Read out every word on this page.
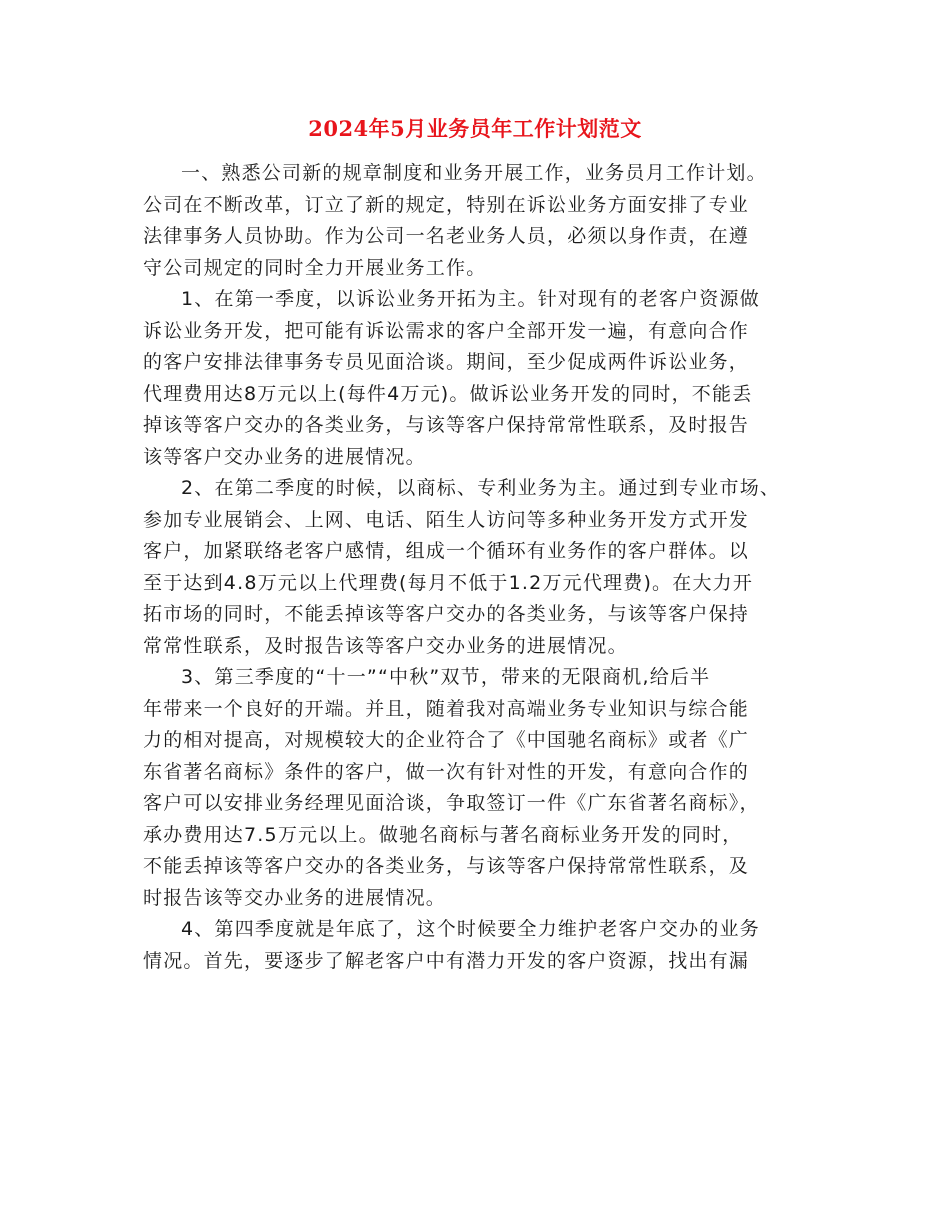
2024年5月业务员年工作计划范文

一、熟悉公司新的规章制度和业务开展工作，业务员月工作计划。
公司在不断改革，订立了新的规定，特别在诉讼业务方面安排了专业
法律事务人员协助。作为公司一名老业务人员，必须以身作责，在遵
守公司规定的同时全力开展业务工作。

1、在第一季度，以诉讼业务开拓为主。针对现有的老客户资源做
诉讼业务开发，把可能有诉讼需求的客户全部开发一遍，有意向合作
的客户安排法律事务专员见面洽谈。期间，至少促成两件诉讼业务，
代理费用达8万元以上(每件4万元)。做诉讼业务开发的同时，不能丢
掉该等客户交办的各类业务，与该等客户保持常常性联系，及时报告
该等客户交办业务的进展情况。

2、在第二季度的时候，以商标、专利业务为主。通过到专业市场、
参加专业展销会、上网、电话、陌生人访问等多种业务开发方式开发
客户，加紧联络老客户感情，组成一个循环有业务作的客户群体。以
至于达到4.8万元以上代理费(每月不低于1.2万元代理费)。在大力开
拓市场的同时，不能丢掉该等客户交办的各类业务，与该等客户保持
常常性联系，及时报告该等客户交办业务的进展情况。

3、第三季度的“十一”“中秋”双节，带来的无限商机,给后半
年带来一个良好的开端。并且，随着我对高端业务专业知识与综合能
力的相对提高，对规模较大的企业符合了《中国驰名商标》或者《广
东省著名商标》条件的客户，做一次有针对性的开发，有意向合作的
客户可以安排业务经理见面洽谈，争取签订一件《广东省著名商标》，
承办费用达7.5万元以上。做驰名商标与著名商标业务开发的同时，
不能丢掉该等客户交办的各类业务，与该等客户保持常常性联系，及
时报告该等交办业务的进展情况。

4、第四季度就是年底了，这个时候要全力维护老客户交办的业务
情况。首先，要逐步了解老客户中有潜力开发的客户资源，找出有漏
